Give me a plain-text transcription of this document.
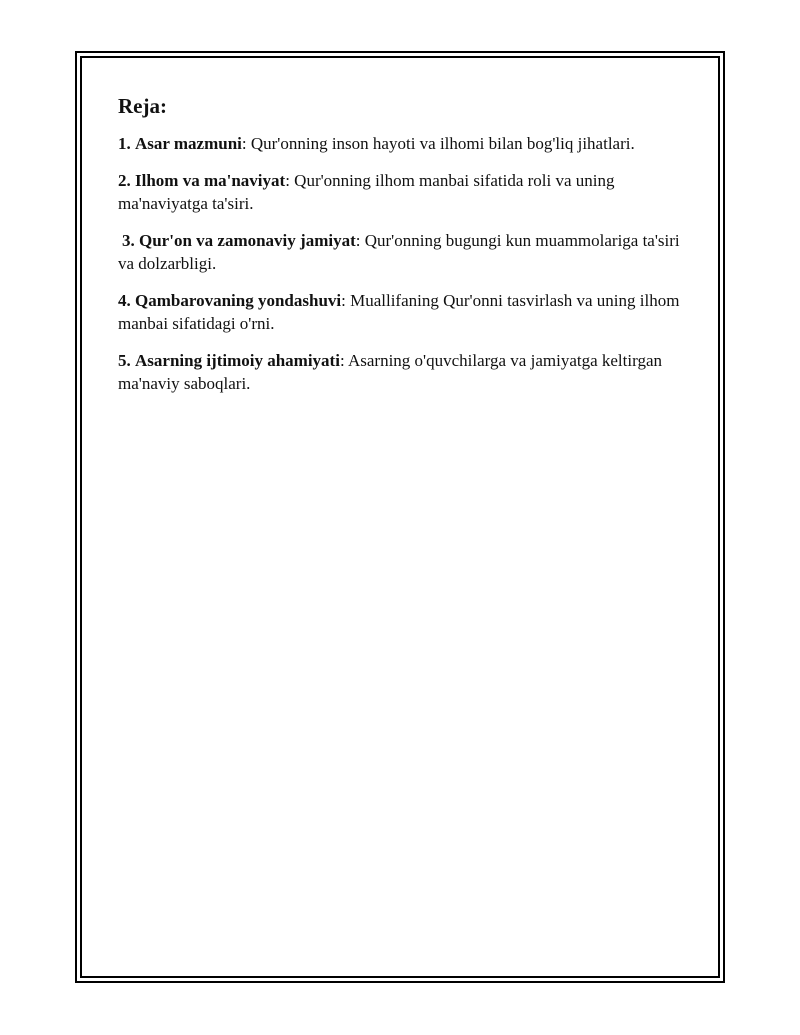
Reja:

1. Asar mazmuni: Qur'onning inson hayoti va ilhomi bilan bog'liq jihatlari.

2. Ilhom va ma'naviyat: Qur'onning ilhom manbai sifatida roli va uning ma'naviyatga ta'siri.

3. Qur'on va zamonaviy jamiyat: Qur'onning bugungi kun muammolariga ta'siri va dolzarbligi.

4. Qambarovaning yondashuvi: Muallifaning Qur'onni tasvirlash va uning ilhom manbai sifatidagi o'rni.

5. Asarning ijtimoiy ahamiyati: Asarning o'quvchilarga va jamiyatga keltirgan ma'naviy saboqlari.
